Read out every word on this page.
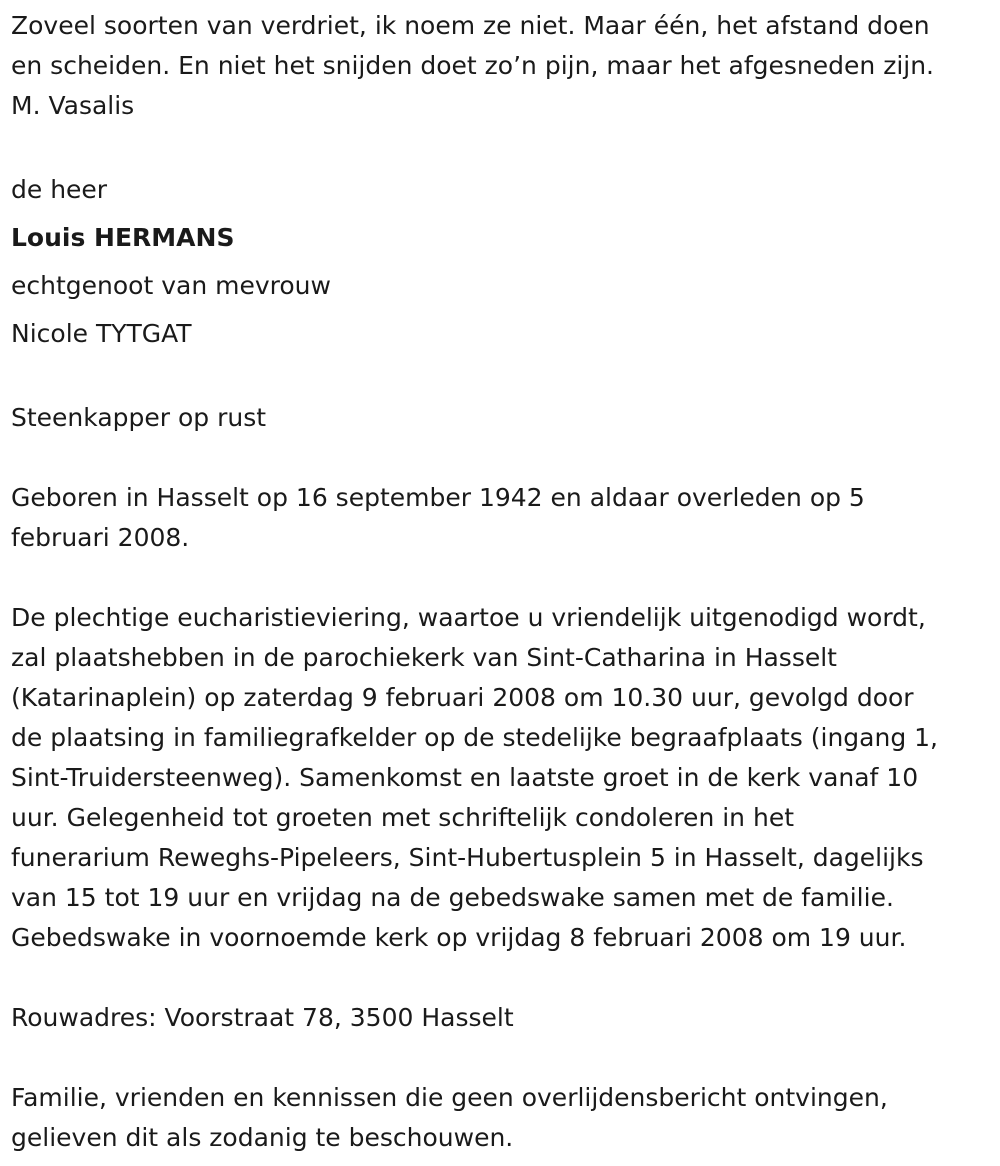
Zoveel soorten van verdriet, ik noem ze niet. Maar één, het afstand doen
en scheiden. En niet het snijden doet zo’n pijn, maar het afgesneden zijn.
M. Vasalis
de heer
Louis HERMANS
echtgenoot van mevrouw
Nicole TYTGAT
Steenkapper op rust
Geboren in Hasselt op 16 september 1942 en aldaar overleden op 5
februari 2008.
De plechtige eucharistieviering, waartoe u vriendelijk uitgenodigd wordt,
zal plaatshebben in de parochiekerk van Sint-Catharina in Hasselt
(Katarinaplein) op zaterdag 9 februari 2008 om 10.30 uur, gevolgd door
de plaatsing in familiegrafkelder op de stedelijke begraafplaats (ingang 1,
Sint-Truidersteenweg). Samenkomst en laatste groet in de kerk vanaf 10
uur. Gelegenheid tot groeten met schriftelijk condoleren in het
funerarium Reweghs-Pipeleers, Sint-Hubertusplein 5 in Hasselt, dagelijks
van 15 tot 19 uur en vrijdag na de gebedswake samen met de familie.
Gebedswake in voornoemde kerk op vrijdag 8 februari 2008 om 19 uur.
Rouwadres: Voorstraat 78, 3500 Hasselt
Familie, vrienden en kennissen die geen overlijdensbericht ontvingen,
gelieven dit als zodanig te beschouwen.
